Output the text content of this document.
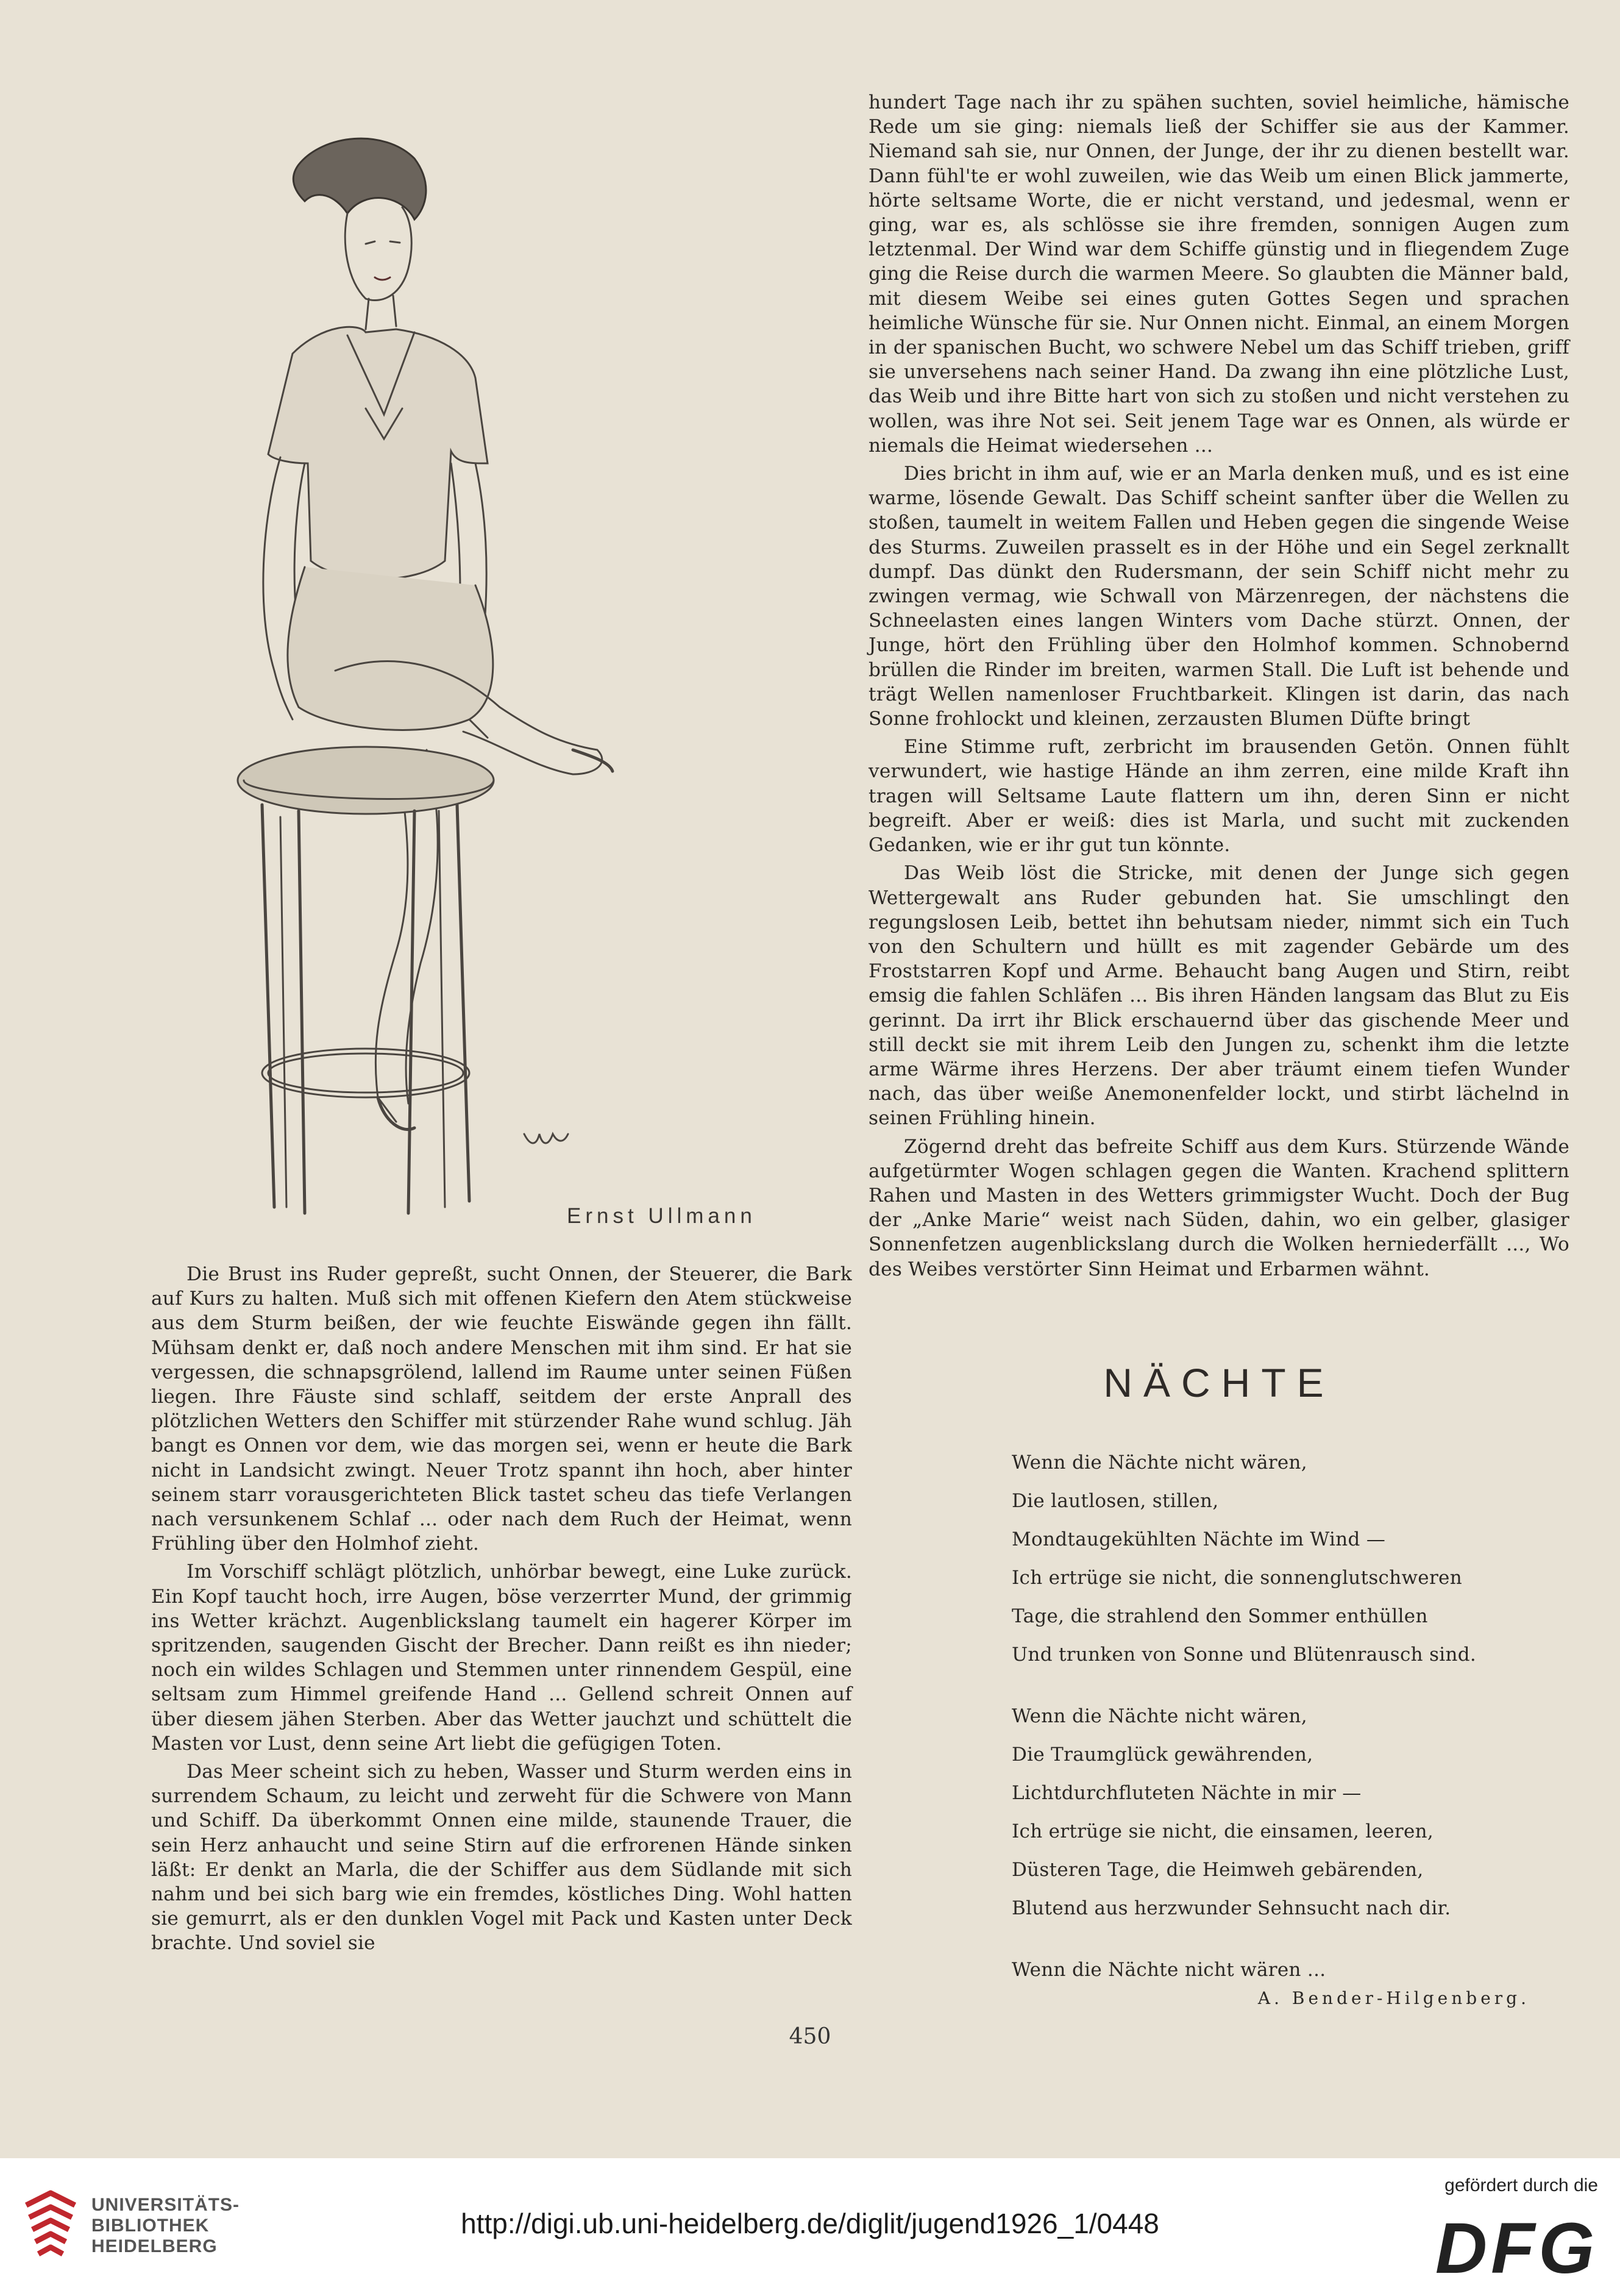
Ernst Ullmann

Die Brust ins Ruder gepreßt, sucht Onnen, der Steuerer, die Bark auf Kurs zu halten. Muß sich mit offenen Kiefern den Atem stückweise aus dem Sturm beißen, der wie feuchte Eiswände gegen ihn fällt. Mühsam denkt er, daß noch andere Menschen mit ihm sind. Er hat sie vergessen, die schnapsgrölend, lallend im Raume unter seinen Füßen liegen. Ihre Fäuste sind schlaff, seitdem der erste Anprall des plötzlichen Wetters den Schiffer mit stürzender Rahe wund schlug. Jäh bangt es Onnen vor dem, wie das morgen sei, wenn er heute die Bark nicht in Landsicht zwingt. Neuer Trotz spannt ihn hoch, aber hinter seinem starr vorausgerichteten Blick tastet scheu das tiefe Verlangen nach versunkenem Schlaf ... oder nach dem Ruch der Heimat, wenn Frühling über den Holmhof zieht.

Im Vorschiff schlägt plötzlich, unhörbar bewegt, eine Luke zurück. Ein Kopf taucht hoch, irre Augen, böse verzerrter Mund, der grimmig ins Wetter krächzt. Augenblickslang taumelt ein hagerer Körper im spritzenden, saugenden Gischt der Brecher. Dann reißt es ihn nieder; noch ein wildes Schlagen und Stemmen unter rinnendem Gespül, eine seltsam zum Himmel greifende Hand ... Gellend schreit Onnen auf über diesem jähen Sterben. Aber das Wetter jauchzt und schüttelt die Masten vor Lust, denn seine Art liebt die gefügigen Toten.

Das Meer scheint sich zu heben, Wasser und Sturm werden eins in surrendem Schaum, zu leicht und zerweht für die Schwere von Mann und Schiff. Da überkommt Onnen eine milde, staunende Trauer, die sein Herz anhaucht und seine Stirn auf die erfrorenen Hände sinken läßt: Er denkt an Marla, die der Schiffer aus dem Südlande mit sich nahm und bei sich barg wie ein fremdes, köstliches Ding. Wohl hatten sie gemurrt, als er den dunklen Vogel mit Pack und Kasten unter Deck brachte. Und soviel sie

hundert Tage nach ihr zu spähen suchten, soviel heimliche, hämische Rede um sie ging: niemals ließ der Schiffer sie aus der Kammer. Niemand sah sie, nur Onnen, der Junge, der ihr zu dienen bestellt war. Dann fühl'te er wohl zuweilen, wie das Weib um einen Blick jammerte, hörte seltsame Worte, die er nicht verstand, und jedesmal, wenn er ging, war es, als schlösse sie ihre fremden, sonnigen Augen zum letztenmal. Der Wind war dem Schiffe günstig und in fliegendem Zuge ging die Reise durch die warmen Meere. So glaubten die Männer bald, mit diesem Weibe sei eines guten Gottes Segen und sprachen heimliche Wünsche für sie. Nur Onnen nicht. Einmal, an einem Morgen in der spanischen Bucht, wo schwere Nebel um das Schiff trieben, griff sie unversehens nach seiner Hand. Da zwang ihn eine plötzliche Lust, das Weib und ihre Bitte hart von sich zu stoßen und nicht verstehen zu wollen, was ihre Not sei. Seit jenem Tage war es Onnen, als würde er niemals die Heimat wiedersehen ...

Dies bricht in ihm auf, wie er an Marla denken muß, und es ist eine warme, lösende Gewalt. Das Schiff scheint sanfter über die Wellen zu stoßen, taumelt in weitem Fallen und Heben gegen die singende Weise des Sturms. Zuweilen prasselt es in der Höhe und ein Segel zerknallt dumpf. Das dünkt den Rudersmann, der sein Schiff nicht mehr zu zwingen vermag, wie Schwall von Märzenregen, der nächstens die Schneelasten eines langen Winters vom Dache stürzt. Onnen, der Junge, hört den Frühling über den Holmhof kommen. Schnobernd brüllen die Rinder im breiten, warmen Stall. Die Luft ist behende und trägt Wellen namenloser Fruchtbarkeit. Klingen ist darin, das nach Sonne frohlockt und kleinen, zerzausten Blumen Düfte bringt

Eine Stimme ruft, zerbricht im brausenden Getön. Onnen fühlt verwundert, wie hastige Hände an ihm zerren, eine milde Kraft ihn tragen will Seltsame Laute flattern um ihn, deren Sinn er nicht begreift. Aber er weiß: dies ist Marla, und sucht mit zuckenden Gedanken, wie er ihr gut tun könnte.

Das Weib löst die Stricke, mit denen der Junge sich gegen Wettergewalt ans Ruder gebunden hat. Sie umschlingt den regungslosen Leib, bettet ihn behutsam nieder, nimmt sich ein Tuch von den Schultern und hüllt es mit zagender Gebärde um des Froststarren Kopf und Arme. Behaucht bang Augen und Stirn, reibt emsig die fahlen Schläfen ... Bis ihren Händen langsam das Blut zu Eis gerinnt. Da irrt ihr Blick erschauernd über das gischende Meer und still deckt sie mit ihrem Leib den Jungen zu, schenkt ihm die letzte arme Wärme ihres Herzens. Der aber träumt einem tiefen Wunder nach, das über weiße Anemonenfelder lockt, und stirbt lächelnd in seinen Frühling hinein.

Zögernd dreht das befreite Schiff aus dem Kurs. Stürzende Wände aufgetürmter Wogen schlagen gegen die Wanten. Krachend splittern Rahen und Masten in des Wetters grimmigster Wucht. Doch der Bug der „Anke Marie“ weist nach Süden, dahin, wo ein gelber, glasiger Sonnenfetzen augenblickslang durch die Wolken herniederfällt ..., Wo des Weibes verstörter Sinn Heimat und Erbarmen wähnt.

NÄCHTE
Wenn die Nächte nicht wären,
Die lautlosen, stillen,
Mondtaugekühlten Nächte im Wind —
Ich ertrüge sie nicht, die sonnenglutschweren
Tage, die strahlend den Sommer enthüllen
Und trunken von Sonne und Blütenrausch sind.
Wenn die Nächte nicht wären,
Die Traumglück gewährenden,
Lichtdurchfluteten Nächte in mir —
Ich ertrüge sie nicht, die einsamen, leeren,
Düsteren Tage, die Heimweh gebärenden,
Blutend aus herzwunder Sehnsucht nach dir.
Wenn die Nächte nicht wären ...
A. Bender-Hilgenberg.
450
UNIVERSITÄTS-
BIBLIOTHEK
HEIDELBERG
http://digi.ub.uni-heidelberg.de/diglit/jugend1926_1/0448
gefördert durch die
DFG
